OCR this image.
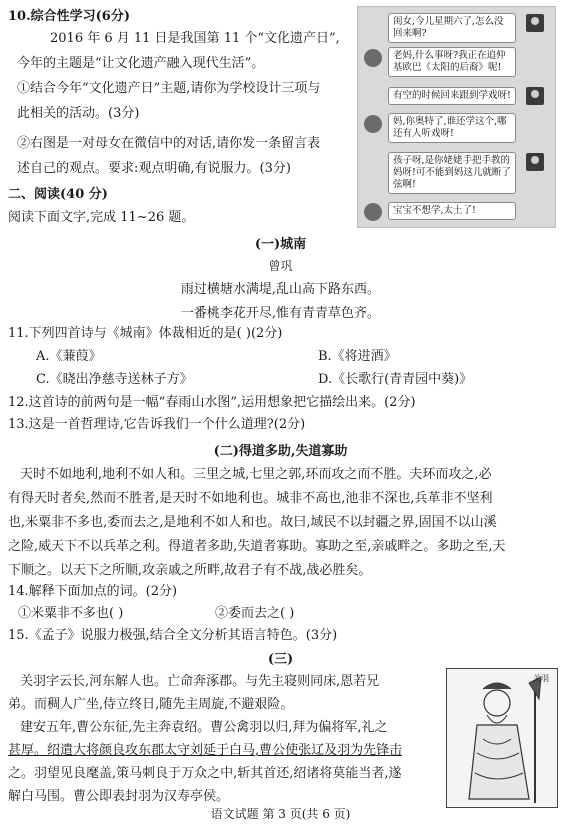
10.综合性学习(6分)
2016 年 6 月 11 日是我国第 11 个“文化遗产日”,
今年的主题是“让文化遗产融入现代生活”。
①结合今年“文化遗产日”主题,请你为学校设计三项与
此相关的活动。(3分)
②右图是一对母女在微信中的对话,请你发一条留言表
述自己的观点。要求:观点明确,有说服力。(3分)
闺女,今儿星期六了,怎么没回来啊?
老妈,什么事呀?我正在追仲基欧巴《太阳的后裔》呢!
有空的时候回来跟到学戏呀!
妈,你奥特了,谁还学这个,哪还有人听戏呀!
孩子呀,是你姥姥手把手教的妈呀!可不能到妈这儿就断了弦啊!
宝宝不想学,太土了!
二、阅读(40 分)
阅读下面文字,完成 11~26 题。
(一)城南
曾巩
雨过横塘水满堤,乱山高下路东西。
一番桃李花开尽,惟有青青草色齐。
11.下列四首诗与《城南》体裁相近的是( )(2分)
A.《蒹葭》	B.《将进酒》
C.《晓出净慈寺送林子方》	D.《长歌行(青青园中葵)》
12.这首诗的前两句是一幅“春雨山水图”,运用想象把它描绘出来。(2分)
13.这是一首哲理诗,它告诉我们一个什么道理?(2分)
(二)得道多助,失道寡助
天时不如地利,地利不如人和。三里之城,七里之郭,环而攻之而不胜。夫环而攻之,必
有得天时者矣,然而不胜者,是天时不如地利也。城非不高也,池非不深也,兵革非不坚利
也,米粟非不多也,委而去之,是地利不如人和也。故曰,域民不以封疆之界,固国不以山溪
之险,威天下不以兵革之利。得道者多助,失道者寡助。寡助之至,亲戚畔之。多助之至,天
下顺之。以天下之所顺,攻亲戚之所畔,故君子有不战,战必胜矣。
14.解释下面加点的词。(2分)
①米粟非不多也( )	②委而去之( )
15.《孟子》说服力极强,结合全文分析其语言特色。(3分)
(三)
关羽字云长,河东解人也。亡命奔涿郡。与先主寝则同床,恩若兄
弟。而稠人广坐,侍立终日,随先主周旋,不避艰险。
建安五年,曹公东征,先主奔袁绍。曹公禽羽以归,拜为偏将军,礼之
甚厚。绍遣大将颜良攻东郡太守刘延于白马,曹公使张辽及羽为先锋击
之。羽望见良麾盖,策马刺良于万众之中,斩其首还,绍诸将莫能当者,遂
解白马围。曹公即表封羽为汉寿亭侯。
关羽
语文试题 第 3 页(共 6 页)
